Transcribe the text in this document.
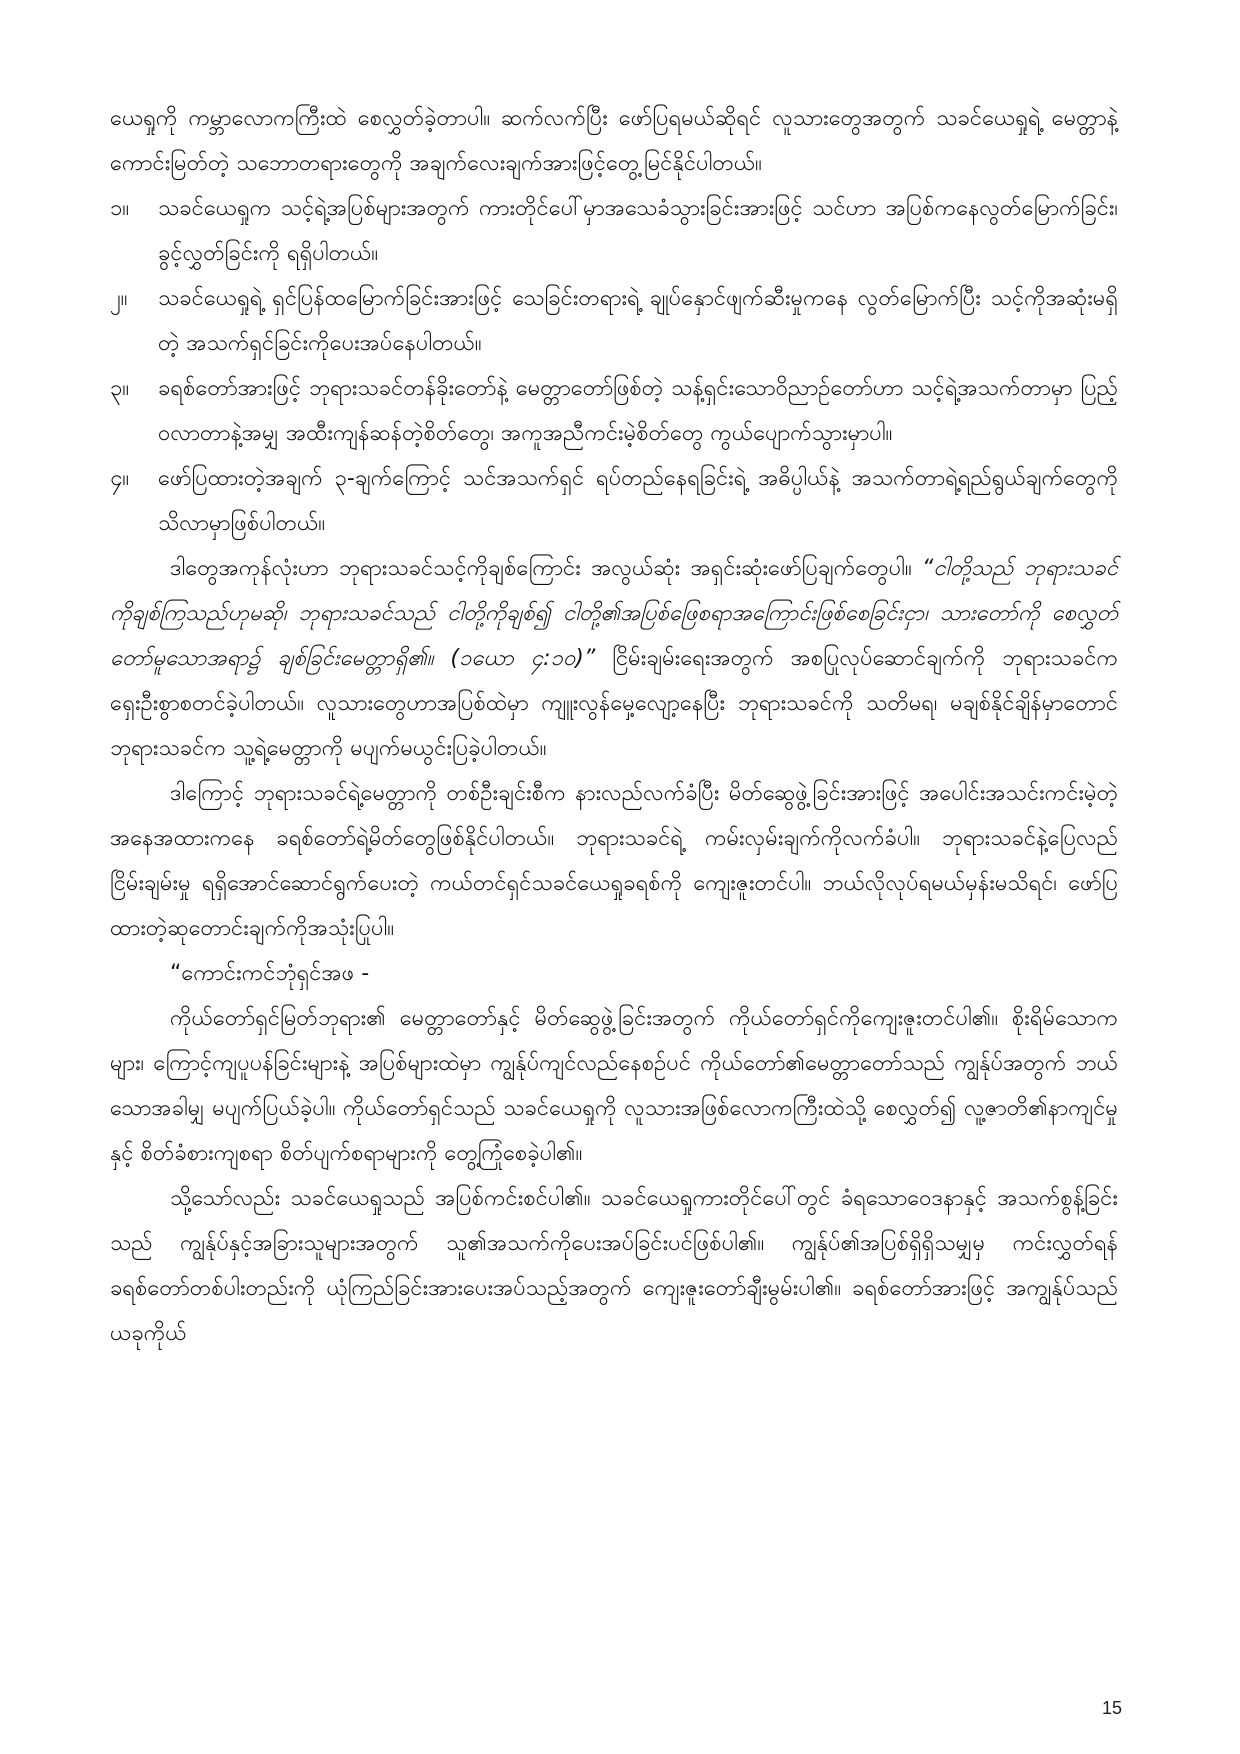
ယေရှုကို ကမ္ဘာလောကကြီးထဲ စေလွှတ်ခဲ့တာပါ။ ဆက်လက်ပြီး ဖော်ပြရမယ်ဆိုရင် လူသားတွေအတွက် သခင်ယေရှုရဲ့ မေတ္တာနဲ့ ကောင်းမြတ်တဲ့ သဘောတရားတွေကို အချက်လေးချက်အားဖြင့်တွေ့မြင်နိုင်ပါတယ်။

၁။	သခင်ယေရှုက သင့်ရဲ့အပြစ်များအတွက် ကားတိုင်ပေါ်မှာအသေခံသွားခြင်းအားဖြင့် သင်ဟာ အပြစ်ကနေလွတ်မြောက်ခြင်း၊ ခွင့်လွှတ်ခြင်းကို ရရှိပါတယ်။
၂။	သခင်ယေရှုရဲ့ ရှင်ပြန်ထမြောက်ခြင်းအားဖြင့် သေခြင်းတရားရဲ့ ချုပ်နှောင်ဖျက်ဆီးမှုကနေ လွတ်မြောက်ပြီး သင့်ကိုအဆုံးမရှိတဲ့ အသက်ရှင်ခြင်းကိုပေးအပ်နေပါတယ်။
၃။	ခရစ်တော်အားဖြင့် ဘုရားသခင်တန်ခိုးတော်နဲ့ မေတ္တာတော်ဖြစ်တဲ့ သန့်ရှင်းသောဝိညာဉ်တော်ဟာ သင့်ရဲ့အသက်တာမှာ ပြည့်ဝလာတာနဲ့အမျှ အထီးကျန်ဆန်တဲ့စိတ်တွေ၊ အကူအညီကင်းမဲ့စိတ်တွေ ကွယ်ပျောက်သွားမှာပါ။
၄။	ဖော်ပြထားတဲ့အချက် ၃-ချက်ကြောင့် သင်အသက်ရှင် ရပ်တည်နေရခြင်းရဲ့ အဓိပ္ပါယ်နဲ့ အသက်တာရဲ့ရည်ရွယ်ချက်တွေကို သိလာမှာဖြစ်ပါတယ်။

ဒါတွေအကုန်လုံးဟာ ဘုရားသခင်သင့်ကိုချစ်ကြောင်း အလွယ်ဆုံး အရှင်းဆုံးဖော်ပြချက်တွေပါ။ “ငါတို့သည် ဘုရားသခင်ကိုချစ်ကြသည်ဟုမဆို၊ ဘုရားသခင်သည် ငါတို့ကိုချစ်၍ ငါတို့၏အပြစ်ဖြေစရာအကြောင်းဖြစ်စေခြင်းငှာ၊ သားတော်ကို စေလွှတ်တော်မူသောအရာ၌ ချစ်ခြင်းမေတ္တာရှိ၏။ (၁ယော ၄:၁၀)” ငြိမ်းချမ်းရေးအတွက် အစပြုလုပ်ဆောင်ချက်ကို ဘုရားသခင်က ရှေးဦးစွာစတင်ခဲ့ပါတယ်။ လူသားတွေဟာအပြစ်ထဲမှာ ကျူးလွန်မှေ့လျော့နေပြီး ဘုရားသခင်ကို သတိမရ၊ မချစ်နိုင်ချိန်မှာတောင် ဘုရားသခင်က သူ့ရဲ့မေတ္တာကို မပျက်မယွင်းပြခဲ့ပါတယ်။

ဒါကြောင့် ဘုရားသခင်ရဲ့မေတ္တာကို တစ်ဦးချင်းစီက နားလည်လက်ခံပြီး မိတ်ဆွေဖွဲ့ခြင်းအားဖြင့် အပေါင်းအသင်းကင်းမဲ့တဲ့ အနေအထားကနေ ခရစ်တော်ရဲ့မိတ်တွေဖြစ်နိုင်ပါတယ်။ ဘုရားသခင်ရဲ့ ကမ်းလှမ်းချက်ကိုလက်ခံပါ။ ဘုရားသခင်နဲ့ပြေလည်ငြိမ်းချမ်းမှု ရရှိအောင်ဆောင်ရွက်ပေးတဲ့ ကယ်တင်ရှင်သခင်ယေရှုခရစ်ကို ကျေးဇူးတင်ပါ။ ဘယ်လိုလုပ်ရမယ်မှန်းမသိရင်၊ ဖော်ပြထားတဲ့ဆုတောင်းချက်ကိုအသုံးပြုပါ။

“ကောင်းကင်ဘုံရှင်အဖ -

ကိုယ်တော်ရှင်မြတ်ဘုရား၏ မေတ္တာတော်နှင့် မိတ်ဆွေဖွဲ့ခြင်းအတွက် ကိုယ်တော်ရှင်ကိုကျေးဇူးတင်ပါ၏။ စိုးရိမ်သောကများ၊ ကြောင့်ကျပူပန်ခြင်းများနဲ့ အပြစ်များထဲမှာ ကျွန်ုပ်ကျင်လည်နေစဉ်ပင် ကိုယ်တော်၏မေတ္တာတော်သည် ကျွန်ုပ်အတွက် ဘယ်သောအခါမျှ မပျက်ပြယ်ခဲ့ပါ။ ကိုယ်တော်ရှင်သည် သခင်ယေရှုကို လူသားအဖြစ်လောကကြီးထဲသို့ စေလွှတ်၍ လူ့ဇာတိ၏နာကျင်မှုနှင့် စိတ်ခံစားကျစရာ စိတ်ပျက်စရာများကို တွေ့ကြုံစေခဲ့ပါ၏။

သို့သော်လည်း သခင်ယေရှုသည် အပြစ်ကင်းစင်ပါ၏။ သခင်ယေရှုကားတိုင်ပေါ်တွင် ခံရသောဝေဒနာနှင့် အသက်စွန့်ခြင်းသည် ကျွန်ုပ်နှင့်အခြားသူများအတွက် သူ၏အသက်ကိုပေးအပ်ခြင်းပင်ဖြစ်ပါ၏။ ကျွန်ုပ်၏အပြစ်ရှိရှိသမျှမှ ကင်းလွှတ်ရန် ခရစ်တော်တစ်ပါးတည်းကို ယုံကြည်ခြင်းအားပေးအပ်သည့်အတွက် ကျေးဇူးတော်ချီးမွမ်းပါ၏။ ခရစ်တော်အားဖြင့် အကျွန်ုပ်သည် ယခုကိုယ်

15
